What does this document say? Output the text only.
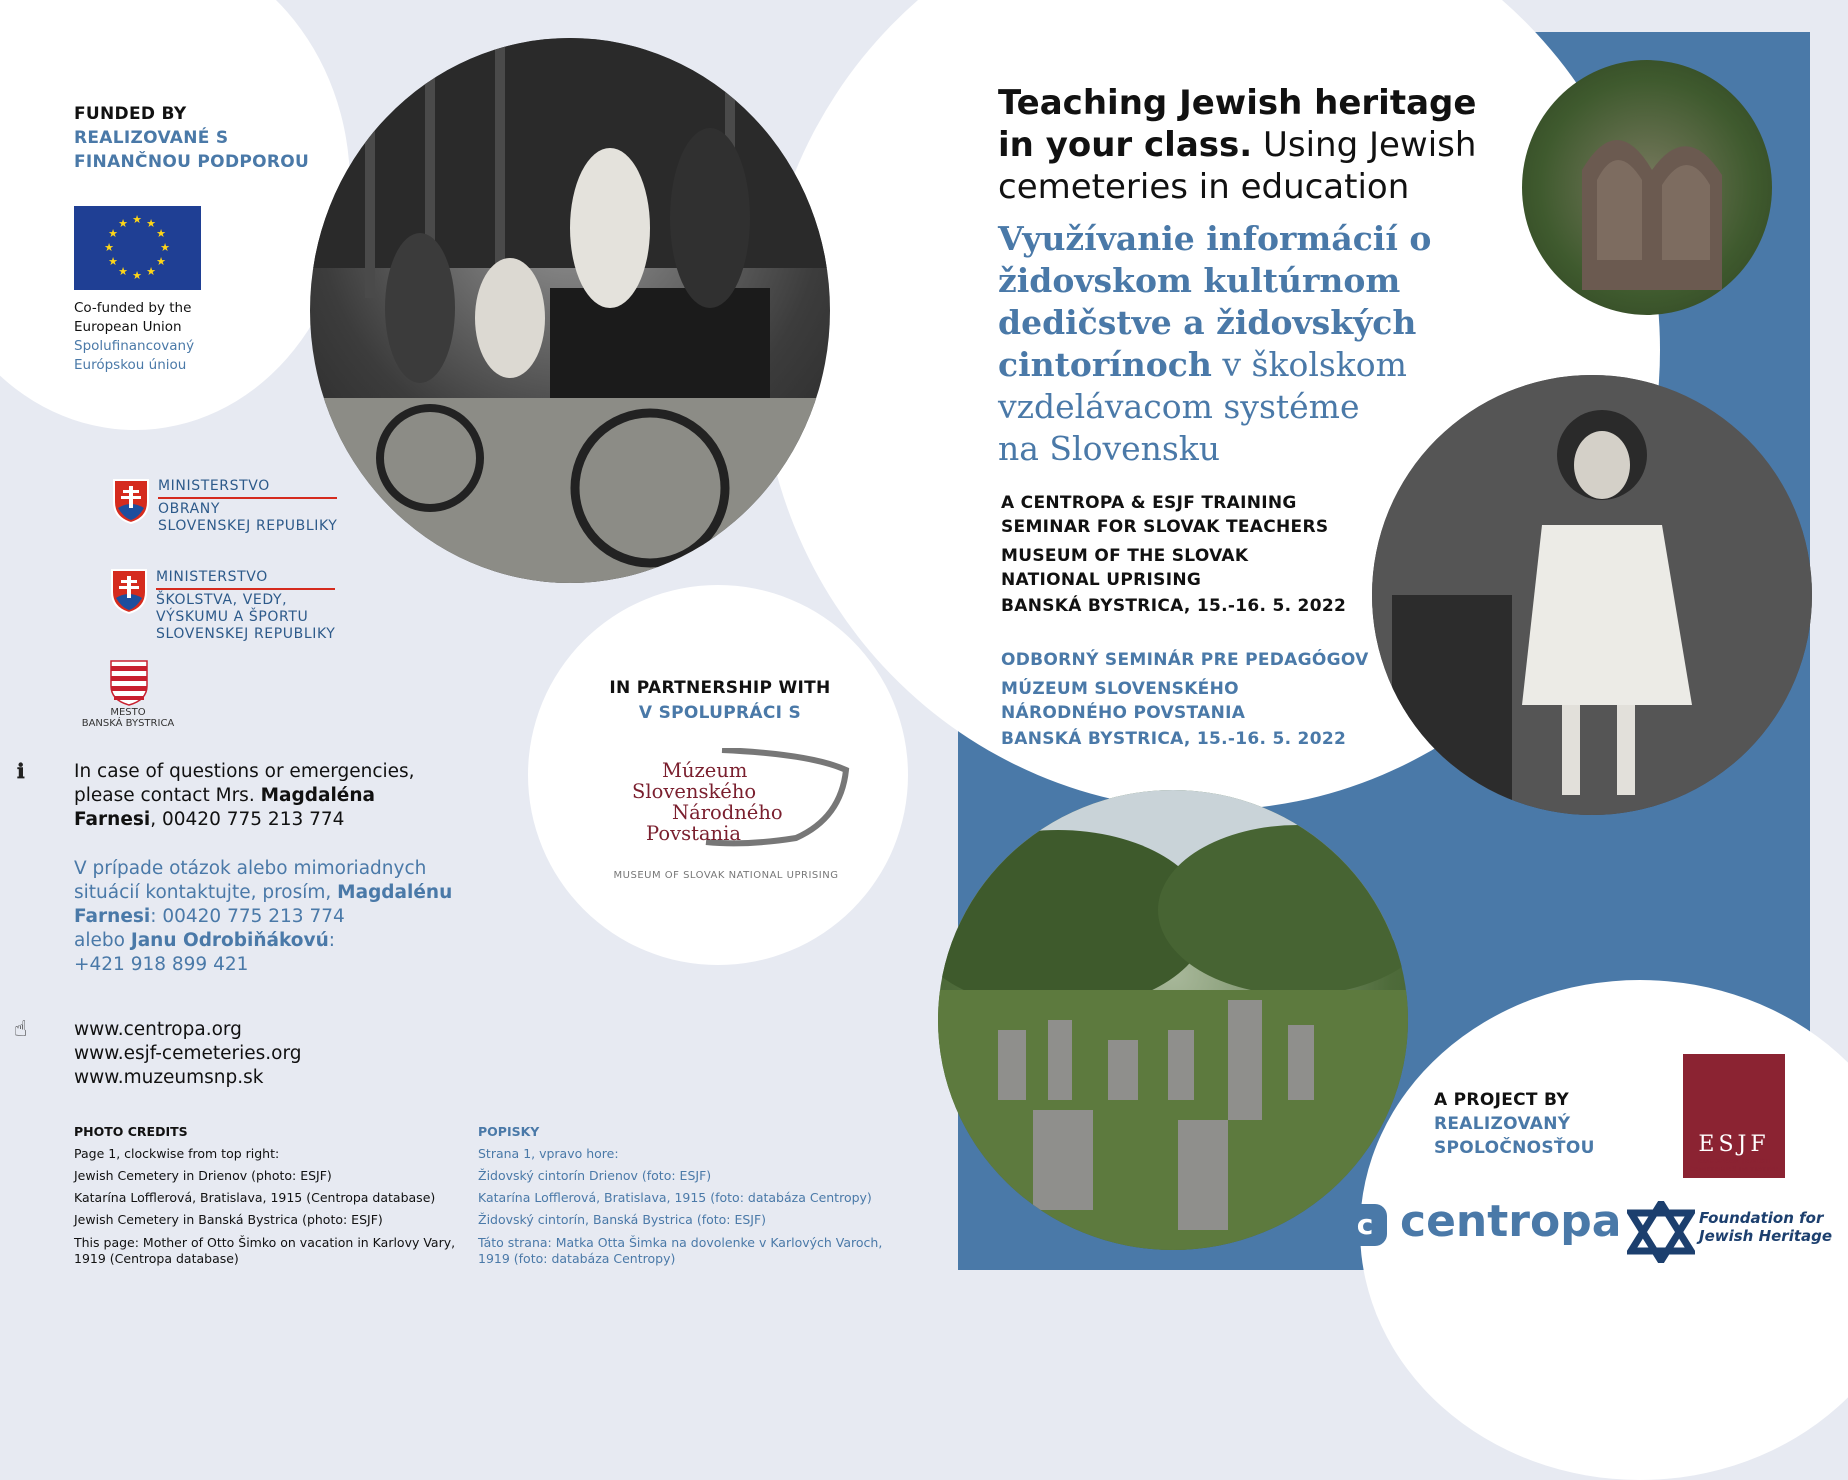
FUNDED BY
REALIZOVANÉ S
FINANČNOU PODPOROU
★ ★
★
★
★
★
★
★
★
★
★
★
Co-funded by the
European Union
Spolufinancovaný
Európskou úniou
MINISTERSTVO
OBRANY
SLOVENSKEJ REPUBLIKY
MINISTERSTVO
ŠKOLSTVA, VEDY,
VÝSKUMU A ŠPORTU
SLOVENSKEJ REPUBLIKY
MESTO
BANSKÁ BYSTRICA
ℹ	In case of questions or emergencies,
please contact Mrs. Magdaléna
Farnesi, 00420 775 213 774
V prípade otázok alebo mimoriadnych
situácií kontaktujte, prosím, Magdalénu
Farnesi: 00420 775 213 774
alebo Janu Odrobiňákovú:
+421 918 899 421
☝	www.centropa.org
www.esjf-cemeteries.org
www.muzeumsnp.sk
PHOTO CREDITS
Page 1, clockwise from top right:
Jewish Cemetery in Drienov (photo: ESJF)
Katarína Lofflerová, Bratislava, 1915 (Centropa database)
Jewish Cemetery in Banská Bystrica (photo: ESJF)
This page: Mother of Otto Šimko on vacation in Karlovy Vary,
1919 (Centropa database)
POPISKY
Strana 1, vpravo hore:
Židovský cintorín Drienov (foto: ESJF)
Katarína Lofflerová, Bratislava, 1915 (foto: databáza Centropy)
Židovský cintorín, Banská Bystrica (foto: ESJF)
Táto strana: Matka Otta Šimka na dovolenke v Karlových Varoch,
1919 (foto: databáza Centropy)
IN PARTNERSHIP WITH
V SPOLUPRÁCI S
Múzeum
Slovenského
Národného
Povstania
MUSEUM OF SLOVAK NATIONAL UPRISING
Teaching Jewish heritage
in your class. Using Jewish
cemeteries in education
Využívanie informácií o
židovskom kultúrnom
dedičstve a židovských
cintorínoch v školskom
vzdelávacom systéme
na Slovensku
A CENTROPA & ESJF TRAINING
SEMINAR FOR SLOVAK TEACHERS
MUSEUM OF THE SLOVAK
NATIONAL UPRISING
BANSKÁ BYSTRICA, 15.-16. 5. 2022
ODBORNÝ SEMINÁR PRE PEDAGÓGOV
MÚZEUM SLOVENSKÉHO
NÁRODNÉHO POVSTANIA
BANSKÁ BYSTRICA, 15.-16. 5. 2022
A PROJECT BY
REALIZOVANÝ
SPOLOČNOSŤOU	ESJF
EUROPEAN JEWISH
CEMETERIES INITIATIVE
c centropa	Foundation for
Jewish Heritage
